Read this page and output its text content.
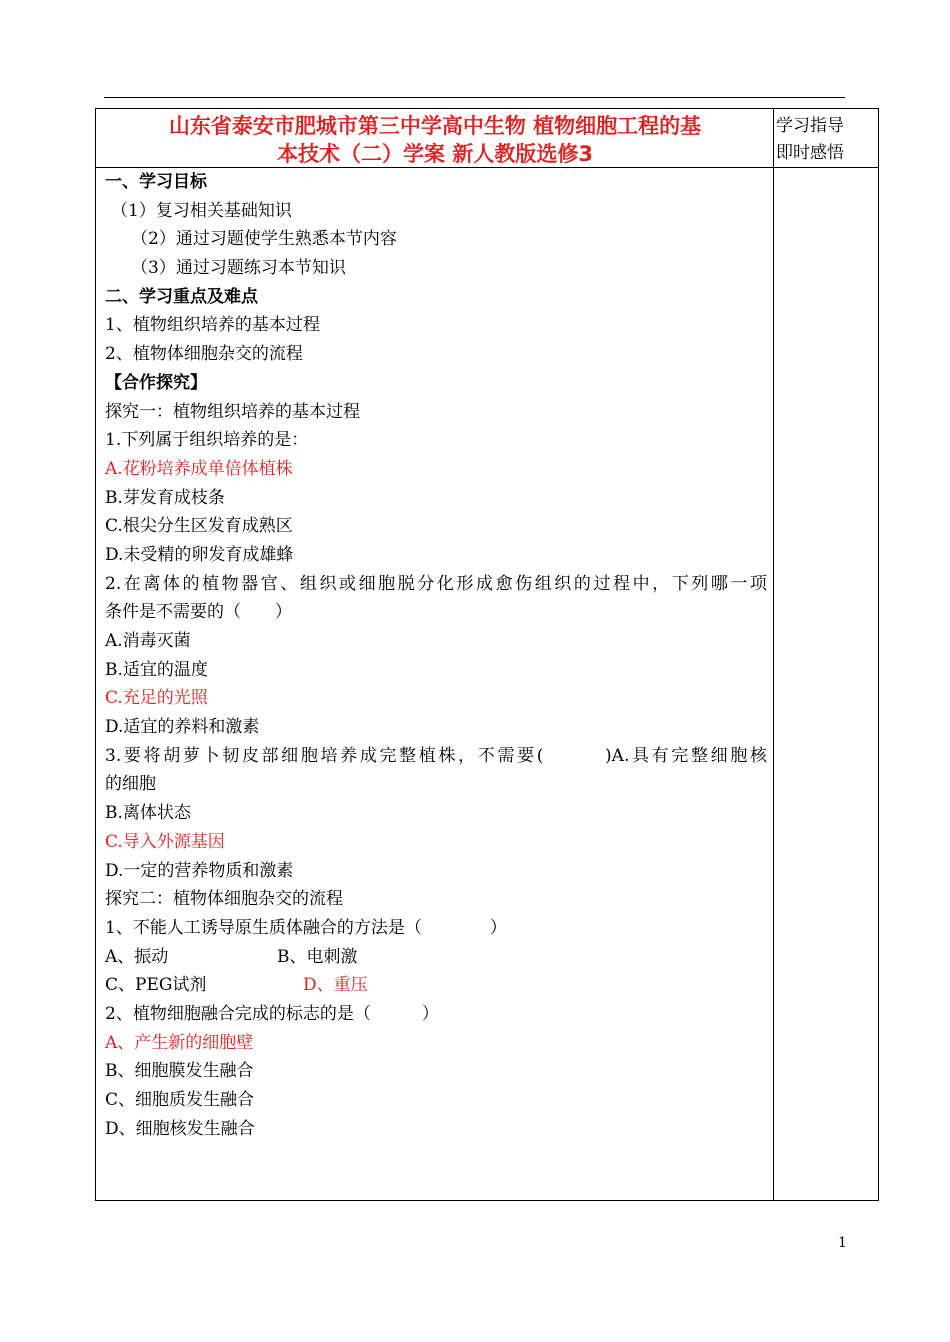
山东省泰安市肥城市第三中学高中生物 植物细胞工程的基
本技术（二）学案 新人教版选修3
学习指导
即时感悟
一、学习目标
（1）复习相关基础知识
（2）通过习题使学生熟悉本节内容
（3）通过习题练习本节知识
二、学习重点及难点
1、植物组织培养的基本过程
2、植物体细胞杂交的流程
【合作探究】
探究一：植物组织培养的基本过程
1.下列属于组织培养的是：
A.花粉培养成单倍体植株
B.芽发育成枝条
C.根尖分生区发育成熟区
D.未受精的卵发育成雄蜂
2.在离体的植物器官、组织或细胞脱分化形成愈伤组织的过程中，下列哪一项
条件是不需要的（　　）
A.消毒灭菌
B.适宜的温度
C.充足的光照
D.适宜的养料和激素
3.要将胡萝卜韧皮部细胞培养成完整植株，不需要(　　　)A.具有完整细胞核
的细胞
B.离体状态
C.导入外源基因
D.一定的营养物质和激素
探究二：植物体细胞杂交的流程
1、不能人工诱导原生质体融合的方法是（　　　　）
A、振动	B、电刺激
C、PEG试剂	D、重压
2、植物细胞融合完成的标志的是（　　　）
A、产生新的细胞壁
B、细胞膜发生融合
C、细胞质发生融合
D、细胞核发生融合
1
